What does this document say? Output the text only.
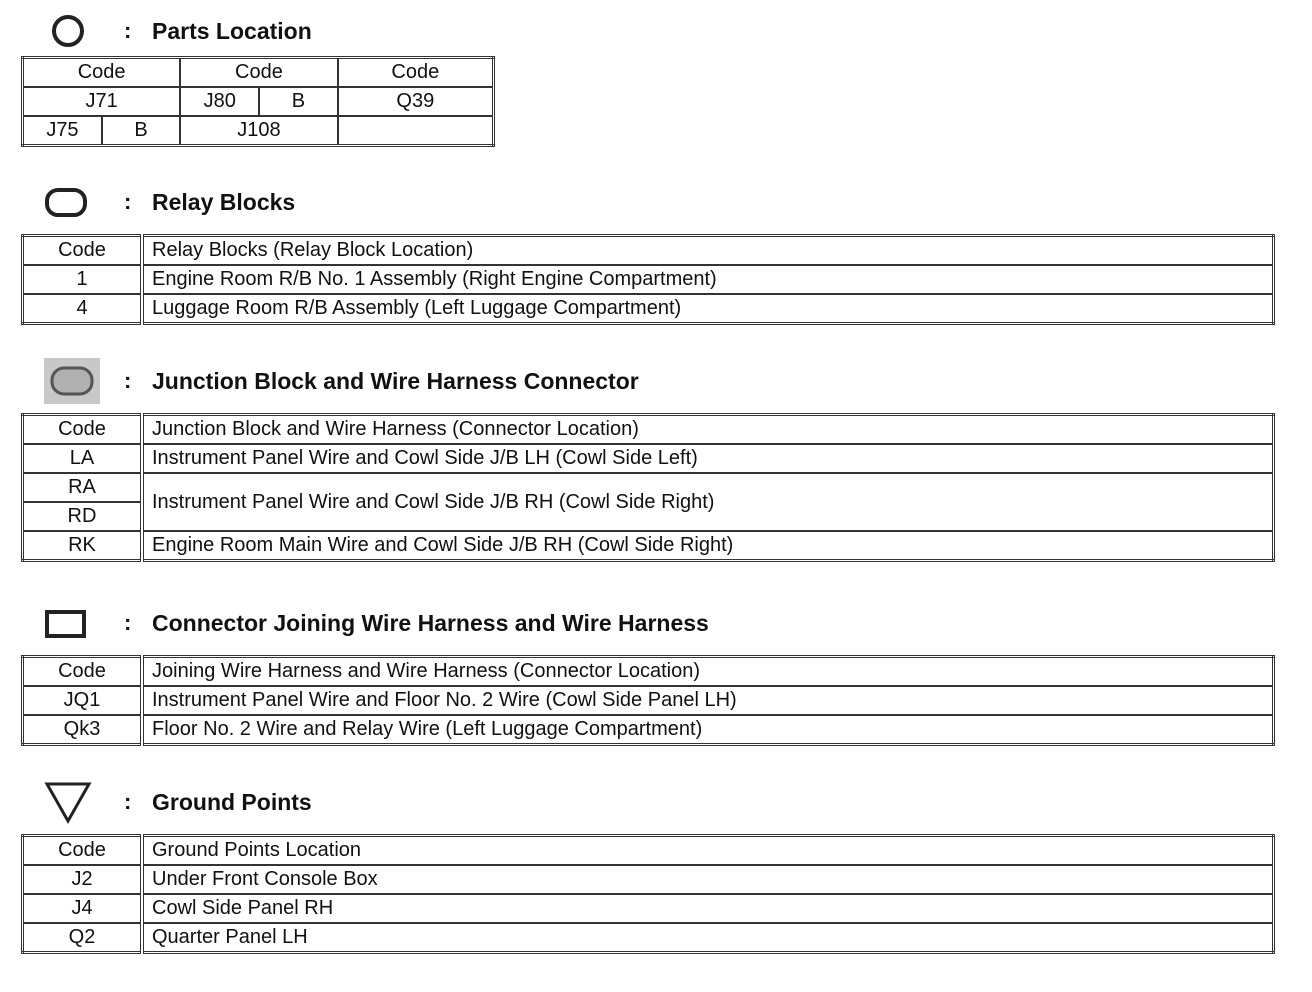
: Parts Location
Code		Code		Code
J71		J80	B	Q39
J75	B	J108		
: Relay Blocks
Code	Relay Blocks (Relay Block Location)
1	Engine Room R/B No. 1 Assembly (Right Engine Compartment)
4	Luggage Room R/B Assembly (Left Luggage Compartment)
: Junction Block and Wire Harness Connector
Code	Junction Block and Wire Harness (Connector Location)
LA	Instrument Panel Wire and Cowl Side J/B LH (Cowl Side Left)
RA	Instrument Panel Wire and Cowl Side J/B RH (Cowl Side Right)
RD	
RK	Engine Room Main Wire and Cowl Side J/B RH (Cowl Side Right)
: Connector Joining Wire Harness and Wire Harness
Code	Joining Wire Harness and Wire Harness (Connector Location)
JQ1	Instrument Panel Wire and Floor No. 2 Wire (Cowl Side Panel LH)
Qk3	Floor No. 2 Wire and Relay Wire (Left Luggage Compartment)
: Ground Points
Code	Ground Points Location
J2	Under Front Console Box
J4	Cowl Side Panel RH
Q2	Quarter Panel LH
